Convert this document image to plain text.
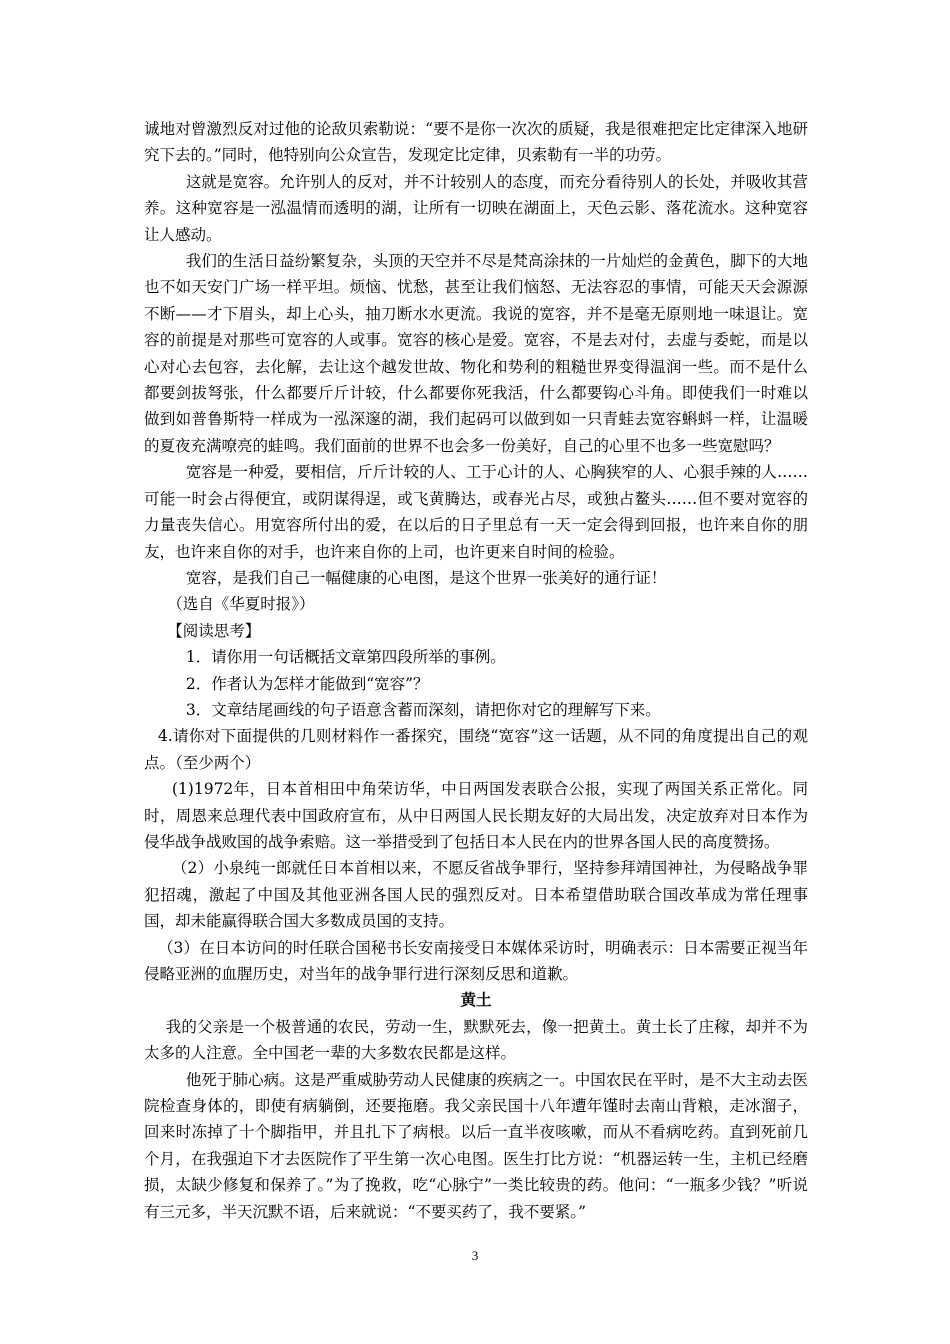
诚地对曾激烈反对过他的论敌贝索勒说：“要不是你一次次的质疑，我是很难把定比定律深入地研究下去的。”同时，他特别向公众宣告，发现定比定律，贝索勒有一半的功劳。

这就是宽容。允许别人的反对，并不计较别人的态度，而充分看待别人的长处，并吸收其营养。这种宽容是一泓温情而透明的湖，让所有一切映在湖面上，天色云影、落花流水。这种宽容让人感动。

我们的生活日益纷繁复杂，头顶的天空并不尽是梵高涂抹的一片灿烂的金黄色，脚下的大地也不如天安门广场一样平坦。烦恼、忧愁，甚至让我们恼怒、无法容忍的事情，可能天天会源源不断——才下眉头，却上心头，抽刀断水水更流。我说的宽容，并不是毫无原则地一味退让。宽容的前提是对那些可宽容的人或事。宽容的核心是爱。宽容，不是去对付，去虚与委蛇，而是以心对心去包容，去化解，去让这个越发世故、物化和势利的粗糙世界变得温润一些。而不是什么都要剑拔弩张，什么都要斤斤计较，什么都要你死我活，什么都要钩心斗角。即使我们一时难以做到如普鲁斯特一样成为一泓深邃的湖，我们起码可以做到如一只青蛙去宽容蝌蚪一样，让温暖的夏夜充满嘹亮的蛙鸣。我们面前的世界不也会多一份美好，自己的心里不也多一些宽慰吗？

宽容是一种爱，要相信，斤斤计较的人、工于心计的人、心胸狭窄的人、心狠手辣的人……可能一时会占得便宜，或阴谋得逞，或飞黄腾达，或春光占尽，或独占鳌头……但不要对宽容的力量丧失信心。用宽容所付出的爱，在以后的日子里总有一天一定会得到回报，也许来自你的朋友，也许来自你的对手，也许来自你的上司，也许更来自时间的检验。

宽容，是我们自己一幅健康的心电图，是这个世界一张美好的通行证！

（选自《华夏时报》）

【阅读思考】

1．请你用一句话概括文章第四段所举的事例。

2．作者认为怎样才能做到“宽容”？

3．文章结尾画线的句子语意含蓄而深刻，请把你对它的理解写下来。

4.请你对下面提供的几则材料作一番探究，围绕“宽容”这一话题，从不同的角度提出自己的观点。（至少两个）

(1)1972年，日本首相田中角荣访华，中日两国发表联合公报，实现了两国关系正常化。同时，周恩来总理代表中国政府宣布，从中日两国人民长期友好的大局出发，决定放弃对日本作为侵华战争战败国的战争索赔。这一举措受到了包括日本人民在内的世界各国人民的高度赞扬。

（2）小泉纯一郎就任日本首相以来，不愿反省战争罪行，坚持参拜靖国神社，为侵略战争罪犯招魂，激起了中国及其他亚洲各国人民的强烈反对。日本希望借助联合国改革成为常任理事国，却未能赢得联合国大多数成员国的支持。

（3）在日本访问的时任联合国秘书长安南接受日本媒体采访时，明确表示：日本需要正视当年侵略亚洲的血腥历史，对当年的战争罪行进行深刻反思和道歉。

黄土

我的父亲是一个极普通的农民，劳动一生，默默死去，像一把黄土。黄土长了庄稼，却并不为太多的人注意。全中国老一辈的大多数农民都是这样。

他死于肺心病。这是严重威胁劳动人民健康的疾病之一。中国农民在平时，是不大主动去医院检查身体的，即使有病躺倒，还要拖磨。我父亲民国十八年遭年馑时去南山背粮，走冰溜子，回来时冻掉了十个脚指甲，并且扎下了病根。以后一直半夜咳嗽，而从不看病吃药。直到死前几个月，在我强迫下才去医院作了平生第一次心电图。医生打比方说：“机器运转一生，主机已经磨损，太缺少修复和保养了。”为了挽救，吃“心脉宁”一类比较贵的药。他问：“一瓶多少钱？”听说有三元多，半天沉默不语，后来就说：“不要买药了，我不要紧。”

3
